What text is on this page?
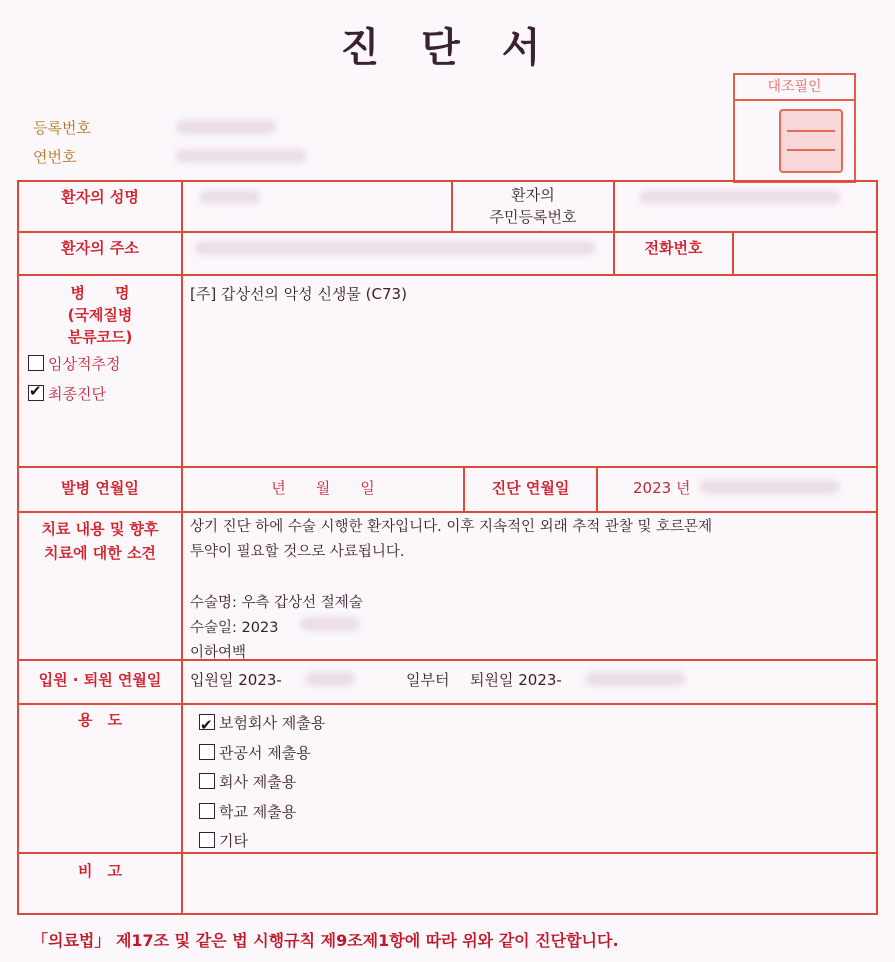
진 단 서
등록번호
연번호
대조필인
환자의 성명	환자의
주민등록번호
환자의 주소	전화번호
병　　명
(국제질병
분류코드)
임상적추정
✔최종진단
[주] 갑상선의 악성 신생물 (C73)
발병 연월일	년　　월　　일	진단 연월일	2023 년
치료 내용 및 향후
치료에 대한 소견
상기 진단 하에 수술 시행한 환자입니다. 이후 지속적인 외래 추적 관찰 및 호르몬제
투약이 필요할 것으로 사료됩니다.
수술명: 우측 갑상선 절제술
수술일: 2023
이하여백
입원 · 퇴원 연월일	입원일 2023-	일부터 퇴원일 2023-
용　도
✔	보험회사 제출용
관공서 제출용
회사 제출용
학교 제출용
기타
비　고
「의료법」 제17조 및 같은 법 시행규칙 제9조제1항에 따라 위와 같이 진단합니다.
